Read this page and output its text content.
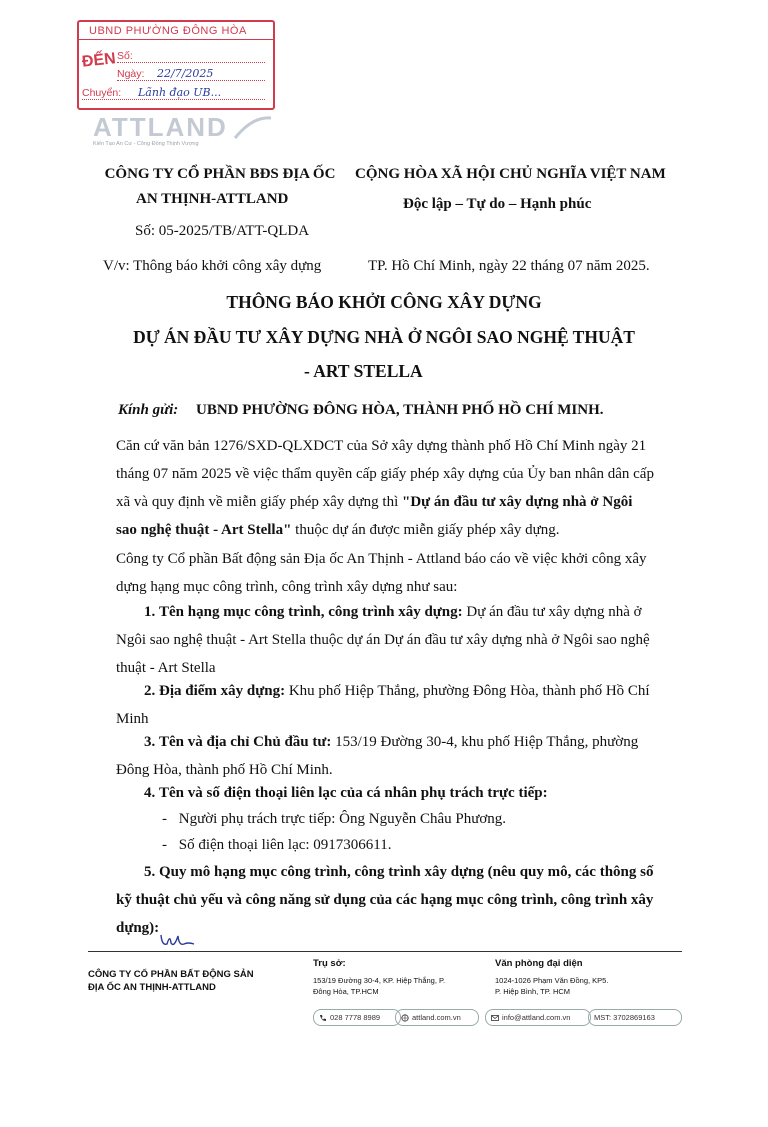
UBND PHƯỜNG ĐÔNG HÒA
ĐẾN Số:
Ngày: 22/7/2025
Chuyển: Lãnh đạo UB...
ATTLAND
Kiến Tạo An Cư - Công Đồng Thịnh Vượng
CÔNG TY CỔ PHẦN BĐS ĐỊA ỐC
AN THỊNH-ATTLAND
Số: 05-2025/TB/ATT-QLDA
V/v: Thông báo khởi công xây dựng
CỘNG HÒA XÃ HỘI CHỦ NGHĨA VIỆT NAM
Độc lập – Tự do – Hạnh phúc
TP. Hồ Chí Minh, ngày 22 tháng 07 năm 2025.
THÔNG BÁO KHỞI CÔNG XÂY DỰNG
DỰ ÁN ĐẦU TƯ XÂY DỰNG NHÀ Ở NGÔI SAO NGHỆ THUẬT
- ART STELLA
Kính gửi: UBND PHƯỜNG ĐÔNG HÒA, THÀNH PHỐ HỒ CHÍ MINH.
Căn cứ văn bản 1276/SXD-QLXDCT của Sở xây dựng thành phố Hồ Chí Minh ngày 21 tháng 07 năm 2025 về việc thẩm quyền cấp giấy phép xây dựng của Ủy ban nhân dân cấp xã và quy định về miễn giấy phép xây dựng thì "Dự án đầu tư xây dựng nhà ở Ngôi sao nghệ thuật - Art Stella" thuộc dự án được miễn giấy phép xây dựng.
Công ty Cổ phần Bất động sản Địa ốc An Thịnh - Attland báo cáo về việc khởi công xây dựng hạng mục công trình, công trình xây dựng như sau:
1. Tên hạng mục công trình, công trình xây dựng: Dự án đầu tư xây dựng nhà ở Ngôi sao nghệ thuật - Art Stella thuộc dự án Dự án đầu tư xây dựng nhà ở Ngôi sao nghệ thuật - Art Stella
2. Địa điểm xây dựng: Khu phố Hiệp Thắng, phường Đông Hòa, thành phố Hồ Chí Minh
3. Tên và địa chỉ Chủ đầu tư: 153/19 Đường 30-4, khu phố Hiệp Thắng, phường Đông Hòa, thành phố Hồ Chí Minh.
4. Tên và số điện thoại liên lạc của cá nhân phụ trách trực tiếp:
- Người phụ trách trực tiếp: Ông Nguyễn Châu Phương.
- Số điện thoại liên lạc: 0917306611.
5. Quy mô hạng mục công trình, công trình xây dựng (nêu quy mô, các thông số kỹ thuật chủ yếu và công năng sử dụng của các hạng mục công trình, công trình xây dựng):
CÔNG TY CỔ PHẦN BẤT ĐỘNG SẢN
ĐỊA ỐC AN THỊNH-ATTLAND
Trụ sở:
153/19 Đường 30-4, KP. Hiệp Thắng, P.
Đông Hòa, TP.HCM
Văn phòng đại diện
1024-1026 Phạm Văn Đồng, KP5.
P. Hiệp Bình, TP. HCM
028 7778 8989	attland.com.vn	info@attland.com.vn	MST: 3702869163
